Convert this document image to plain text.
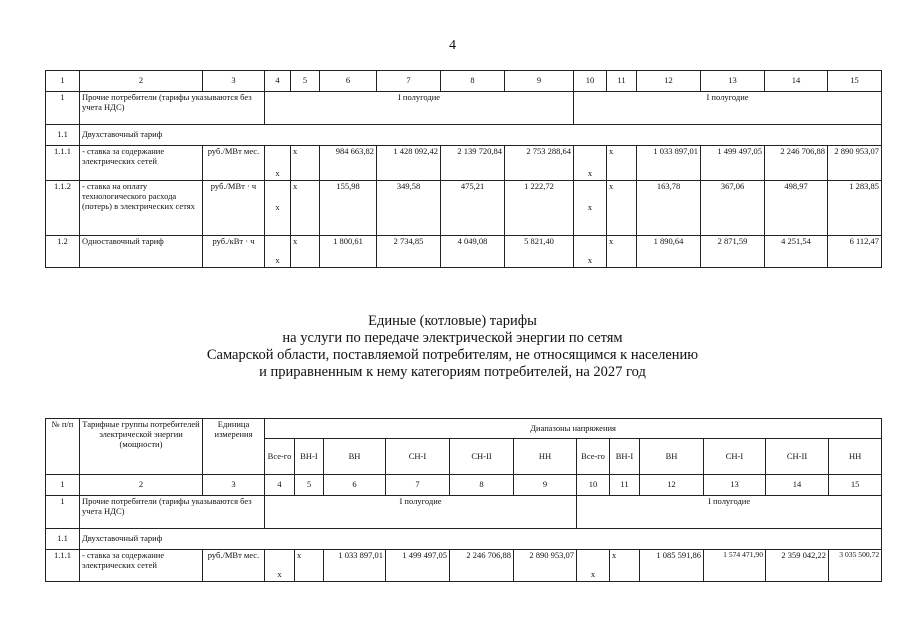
4
1	2	3	4	5	6	7	8	9	10	11	12	13	14	15
1	Прочие потребители (тарифы указываются без учета НДС)		I полугодие						I полугодие					
1.1	Двухставочный тариф													
1.1.1	- ставка за содержание электрических сетей	руб./МВт мес.	x	x	984 663,82	1 428 092,42	2 139 720,84	2 753 288,64	x	x	1 033 897,01	1 499 497,05	2 246 706,88	2 890 953,07
1.1.2	- ставка на оплату технологического расхода (потерь) в электрических сетях	руб./МВт · ч	x	x	155,98	349,58	475,21	1 222,72	x	x	163,78	367,06	498,97	1 283,85
1.2	Одноставочный тариф	руб./кВт · ч	x	x	1 800,61	2 734,85	4 049,08	5 821,40	x	x	1 890,64	2 871,59	4 251,54	6 112,47
Единые (котловые) тарифы
на услуги по передаче электрической энергии по сетям
Самарской области, поставляемой потребителям, не относящимся к населению
и приравненным к нему категориям потребителей, на 2027 год
№ п/п	Тарифные группы потребителей электрической энергии (мощности)	Единица измерения	Диапазоны напряжения											
			Все-го	ВН-I	ВН	СН-I	СН-II	НН	Все-го	ВН-I	ВН	СН-I	СН-II	НН
1	2	3	4	5	6	7	8	9	10	11	12	13	14	15
1	Прочие потребители (тарифы указываются без учета НДС)		I полугодие						I полугодие					
1.1	Двухставочный тариф													
1.1.1	- ставка за содержание электрических сетей	руб./МВт мес.	x	x	1 033 897,01	1 499 497,05	2 246 706,88	2 890 953,07	x	x	1 085 591,86	1 574 471,90	2 359 042,22	3 035 500,72
